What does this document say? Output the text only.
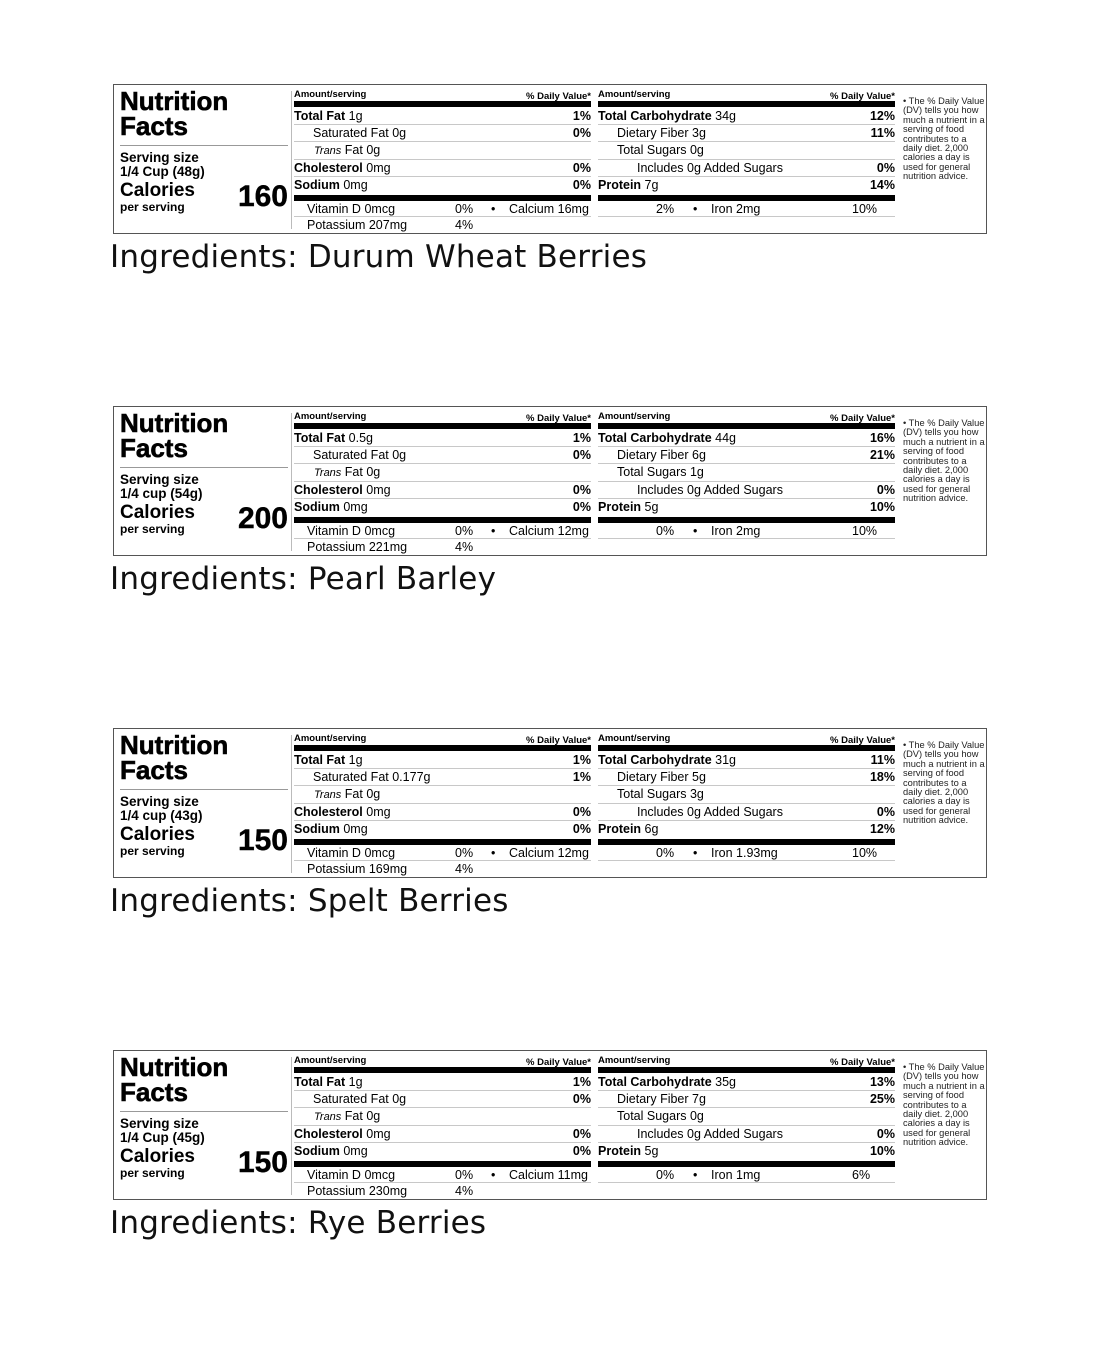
Nutrition
Facts
Serving size
1/4 Cup (48g)
Calories
per serving 160
Amount/serving	% Daily Value*
Total Fat 1g	1%
Saturated Fat 0g	0%
Trans Fat 0g
Cholesterol 0mg	0%
Sodium 0mg	0%
Vitamin D 0mcg	0% • Calcium 16mg
Potassium 207mg	4%
Amount/serving	% Daily Value*
Total Carbohydrate 34g	12%
Dietary Fiber 3g	11%
Total Sugars 0g
Includes 0g Added Sugars	0%
Protein 7g	14%
2% • Iron 2mg	10%
• The % Daily Value (DV) tells you how much a nutrient in a serving of food contributes to a daily diet. 2,000 calories a day is used for general nutrition advice.
Ingredients: Durum Wheat Berries
Nutrition
Facts
Serving size
1/4 cup (54g)
Calories
per serving 200
Amount/serving	% Daily Value*
Total Fat 0.5g	1%
Saturated Fat 0g	0%
Trans Fat 0g
Cholesterol 0mg	0%
Sodium 0mg	0%
Vitamin D 0mcg	0% • Calcium 12mg
Potassium 221mg	4%
Amount/serving	% Daily Value*
Total Carbohydrate 44g	16%
Dietary Fiber 6g	21%
Total Sugars 1g
Includes 0g Added Sugars	0%
Protein 5g	10%
0% • Iron 2mg	10%
• The % Daily Value (DV) tells you how much a nutrient in a serving of food contributes to a daily diet. 2,000 calories a day is used for general nutrition advice.
Ingredients: Pearl Barley
Nutrition
Facts
Serving size
1/4 cup (43g)
Calories
per serving 150
Amount/serving	% Daily Value*
Total Fat 1g	1%
Saturated Fat 0.177g	1%
Trans Fat 0g
Cholesterol 0mg	0%
Sodium 0mg	0%
Vitamin D 0mcg	0% • Calcium 12mg
Potassium 169mg	4%
Amount/serving	% Daily Value*
Total Carbohydrate 31g	11%
Dietary Fiber 5g	18%
Total Sugars 3g
Includes 0g Added Sugars	0%
Protein 6g	12%
0% • Iron 1.93mg	10%
• The % Daily Value (DV) tells you how much a nutrient in a serving of food contributes to a daily diet. 2,000 calories a day is used for general nutrition advice.
Ingredients: Spelt Berries
Nutrition
Facts
Serving size
1/4 Cup (45g)
Calories
per serving 150
Amount/serving	% Daily Value*
Total Fat 1g	1%
Saturated Fat 0g	0%
Trans Fat 0g
Cholesterol 0mg	0%
Sodium 0mg	0%
Vitamin D 0mcg	0% • Calcium 11mg
Potassium 230mg	4%
Amount/serving	% Daily Value*
Total Carbohydrate 35g	13%
Dietary Fiber 7g	25%
Total Sugars 0g
Includes 0g Added Sugars	0%
Protein 5g	10%
0% • Iron 1mg	6%
• The % Daily Value (DV) tells you how much a nutrient in a serving of food contributes to a daily diet. 2,000 calories a day is used for general nutrition advice.
Ingredients: Rye Berries
